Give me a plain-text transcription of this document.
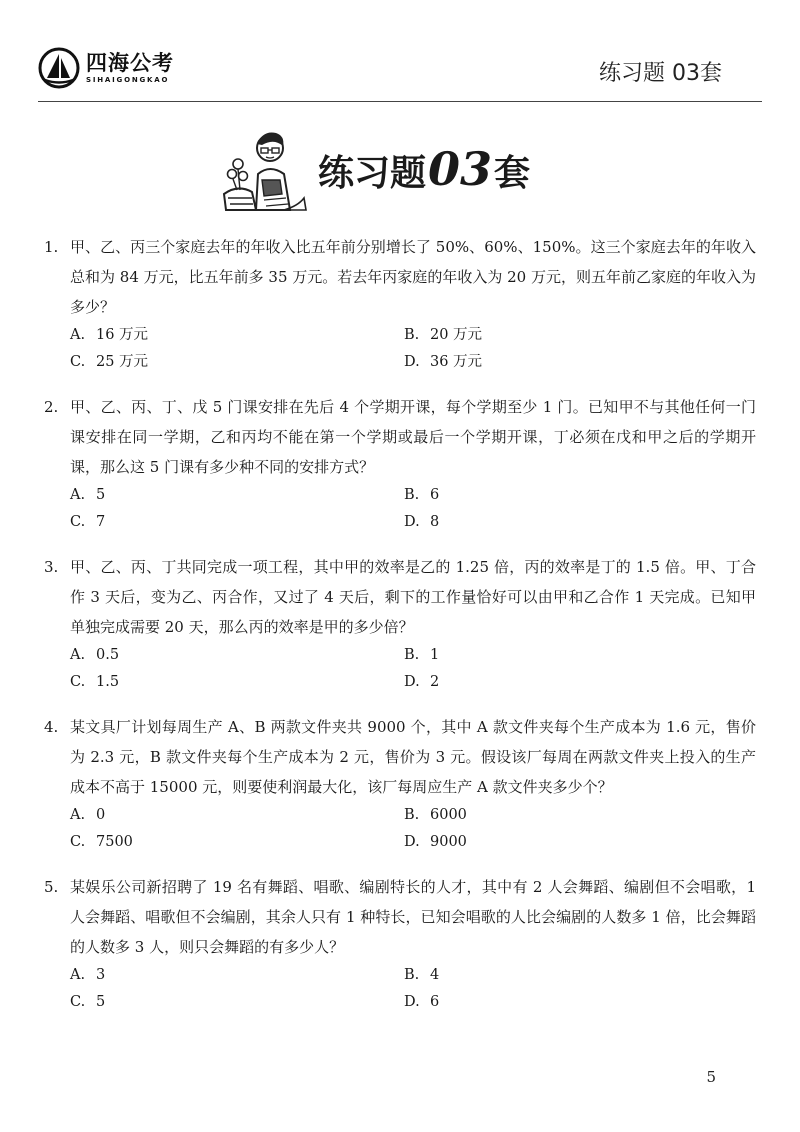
四海公考
SIHAIGONGKAO	练习题 03套
练习题03套
1. 甲、乙、丙三个家庭去年的年收入比五年前分别增长了 50%、60%、150%。这三个家庭去年的年收入总和为 84 万元，比五年前多 35 万元。若去年丙家庭的年收入为 20 万元，则五年前乙家庭的年收入为多少？
A. 16 万元	B. 20 万元
C. 25 万元	D. 36 万元
2. 甲、乙、丙、丁、戊 5 门课安排在先后 4 个学期开课，每个学期至少 1 门。已知甲不与其他任何一门课安排在同一学期，乙和丙均不能在第一个学期或最后一个学期开课，丁必须在戊和甲之后的学期开课，那么这 5 门课有多少种不同的安排方式？
A. 5	B. 6
C. 7	D. 8
3. 甲、乙、丙、丁共同完成一项工程，其中甲的效率是乙的 1.25 倍，丙的效率是丁的 1.5 倍。甲、丁合作 3 天后，变为乙、丙合作，又过了 4 天后，剩下的工作量恰好可以由甲和乙合作 1 天完成。已知甲单独完成需要 20 天，那么丙的效率是甲的多少倍？
A. 0.5	B. 1
C. 1.5	D. 2
4. 某文具厂计划每周生产 A、B 两款文件夹共 9000 个，其中 A 款文件夹每个生产成本为 1.6 元，售价为 2.3 元，B 款文件夹每个生产成本为 2 元，售价为 3 元。假设该厂每周在两款文件夹上投入的生产成本不高于 15000 元，则要使利润最大化，该厂每周应生产 A 款文件夹多少个？
A. 0	B. 6000
C. 7500	D. 9000
5. 某娱乐公司新招聘了 19 名有舞蹈、唱歌、编剧特长的人才，其中有 2 人会舞蹈、编剧但不会唱歌，1 人会舞蹈、唱歌但不会编剧，其余人只有 1 种特长，已知会唱歌的人比会编剧的人数多 1 倍，比会舞蹈的人数多 3 人，则只会舞蹈的有多少人？
A. 3	B. 4
C. 5	D. 6
5
